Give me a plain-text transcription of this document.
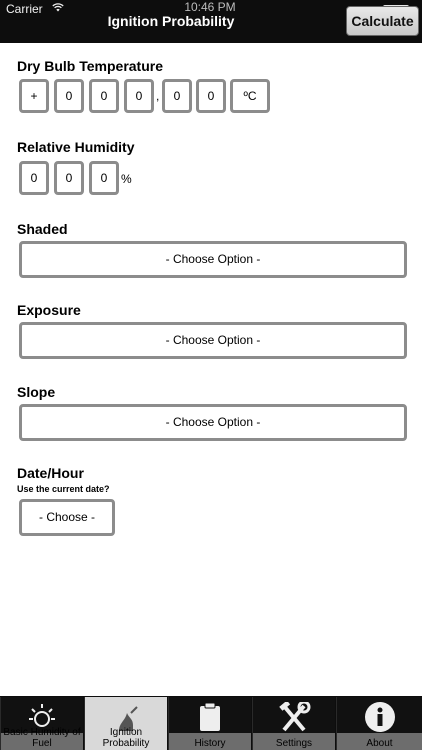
Carrier	10:46 PM
Ignition Probability	Calculate
Dry Bulb Temperature
+	0	0	0	,	0	0	ºC
Relative Humidity
0	0	0	%
Shaded
- Choose Option -
Exposure
- Choose Option -
Slope
- Choose Option -
Date/Hour
Use the current date?
- Choose -
Basic Humidity of
Fuel
Ignition
Probability	History	Settings	About
